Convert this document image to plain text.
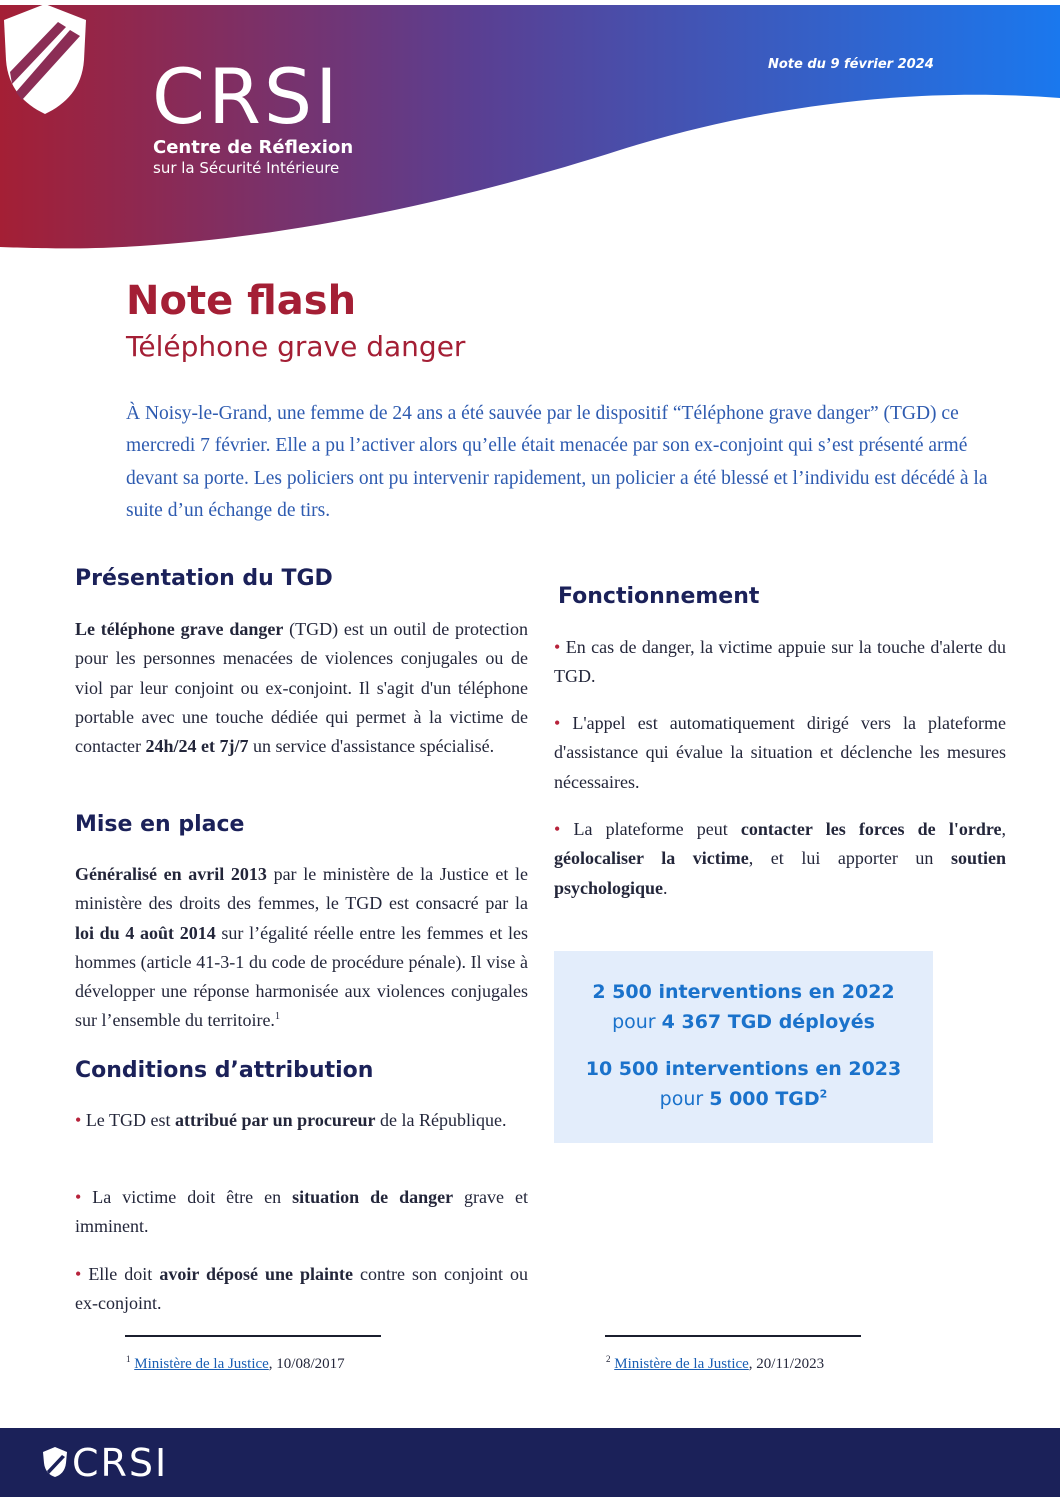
CRSI
Centre de Réflexion
sur la Sécurité Intérieure
Note du 9 février 2024
Note flash
Téléphone grave danger

À Noisy-le-Grand, une femme de 24 ans a été sauvée par le dispositif “Téléphone grave danger” (TGD) ce mercredi 7 février. Elle a pu l’activer alors qu’elle était menacée par son ex-conjoint qui s’est présenté armé devant sa porte. Les policiers ont pu intervenir rapidement, un policier a été blessé et l’individu est décédé à la suite d’un échange de tirs.

Présentation du TGD

Le téléphone grave danger (TGD) est un outil de protection pour les personnes menacées de violences conjugales ou de viol par leur conjoint ou ex-conjoint. Il s'agit d'un téléphone portable avec une touche dédiée qui permet à la victime de contacter 24h/24 et 7j/7 un service d'assistance spécialisé.

Mise en place

Généralisé en avril 2013 par le ministère de la Justice et le ministère des droits des femmes, le TGD est consacré par la loi du 4 août 2014 sur l’égalité réelle entre les femmes et les hommes (article 41-3-1 du code de procédure pénale). Il vise à développer une réponse harmonisée aux violences conjugales sur l’ensemble du territoire.$^1$

Conditions d’attribution

• Le TGD est attribué par un procureur de la République.

• La victime doit être en situation de danger grave et imminent.

• Elle doit avoir déposé une plainte contre son conjoint ou ex-conjoint.

Fonctionnement

• En cas de danger, la victime appuie sur la touche d'alerte du TGD.

• L'appel est automatiquement dirigé vers la plateforme d'assistance qui évalue la situation et déclenche les mesures nécessaires.

• La plateforme peut contacter les forces de l'ordre, géolocaliser la victime, et lui apporter un soutien psychologique.

2 500 interventions en 2022
pour 4 367 TGD déployés
10 500 interventions en 2023
pour 5 000 TGD$^2$
$^1$ Ministère de la Justice, 10/08/2017	$^2$ Ministère de la Justice, 20/11/2023
CRSI
